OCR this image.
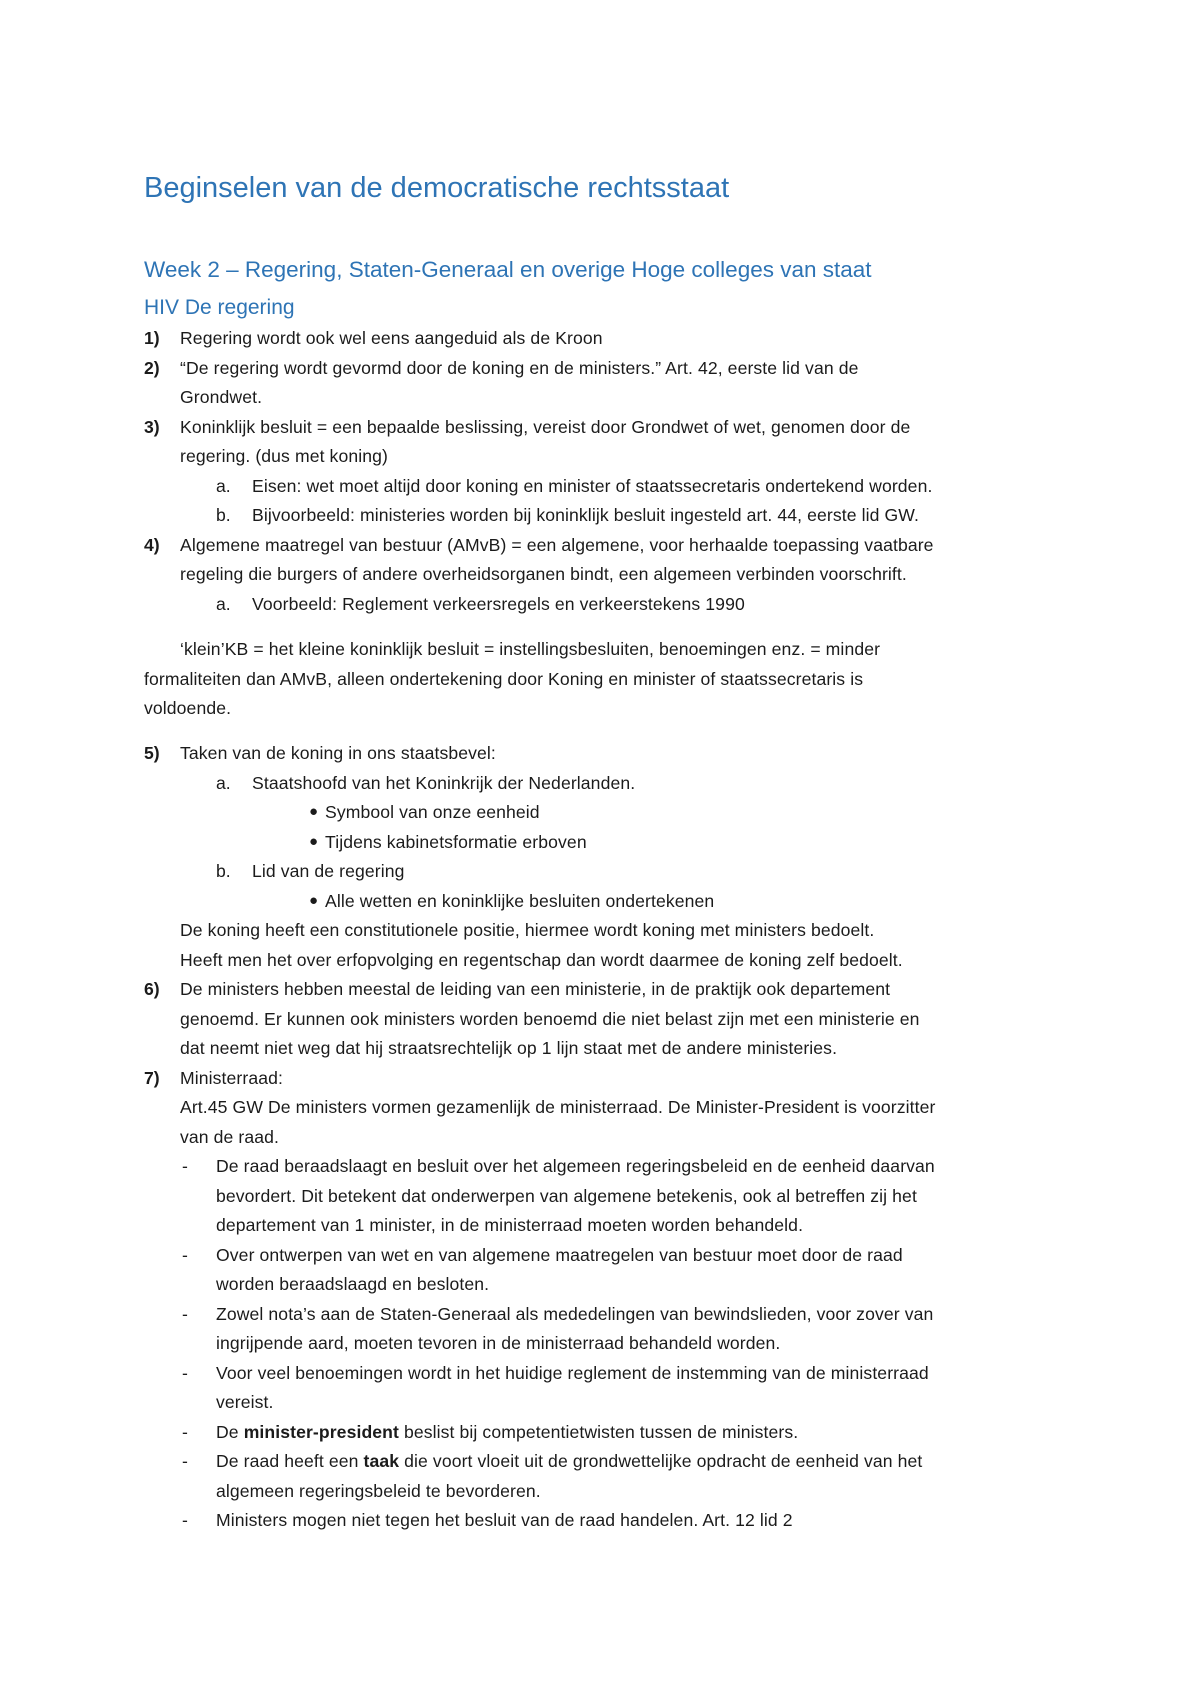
Beginselen van de democratische rechtsstaat
Week 2 – Regering, Staten-Generaal en overige Hoge colleges van staat
HIV De regering
1) Regering wordt ook wel eens aangeduid als de Kroon
2) “De regering wordt gevormd door de koning en de ministers.” Art. 42, eerste lid van de
Grondwet.
3) Koninklijk besluit = een bepaalde beslissing, vereist door Grondwet of wet, genomen door de
regering. (dus met koning)
a. Eisen: wet moet altijd door koning en minister of staatssecretaris ondertekend worden.
b. Bijvoorbeeld: ministeries worden bij koninklijk besluit ingesteld art. 44, eerste lid GW.
4) Algemene maatregel van bestuur (AMvB) = een algemene, voor herhaalde toepassing vaatbare
regeling die burgers of andere overheidsorganen bindt, een algemeen verbinden voorschrift.
a. Voorbeeld: Reglement verkeersregels en verkeerstekens 1990
‘klein’KB = het kleine koninklijk besluit = instellingsbesluiten, benoemingen enz. = minder
formaliteiten dan AMvB, alleen ondertekening door Koning en minister of staatssecretaris is
voldoende.
5) Taken van de koning in ons staatsbevel:
a. Staatshoofd van het Koninkrijk der Nederlanden.
● Symbool van onze eenheid
● Tijdens kabinetsformatie erboven
b. Lid van de regering
● Alle wetten en koninklijke besluiten ondertekenen
De koning heeft een constitutionele positie, hiermee wordt koning met ministers bedoelt.
Heeft men het over erfopvolging en regentschap dan wordt daarmee de koning zelf bedoelt.
6) De ministers hebben meestal de leiding van een ministerie, in de praktijk ook departement
genoemd. Er kunnen ook ministers worden benoemd die niet belast zijn met een ministerie en
dat neemt niet weg dat hij straatsrechtelijk op 1 lijn staat met de andere ministeries.
7) Ministerraad:
Art.45 GW De ministers vormen gezamenlijk de ministerraad. De Minister-President is voorzitter
van de raad.
- De raad beraadslaagt en besluit over het algemeen regeringsbeleid en de eenheid daarvan
bevordert. Dit betekent dat onderwerpen van algemene betekenis, ook al betreffen zij het
departement van 1 minister, in de ministerraad moeten worden behandeld.
- Over ontwerpen van wet en van algemene maatregelen van bestuur moet door de raad
worden beraadslaagd en besloten.
- Zowel nota’s aan de Staten-Generaal als mededelingen van bewindslieden, voor zover van
ingrijpende aard, moeten tevoren in de ministerraad behandeld worden.
- Voor veel benoemingen wordt in het huidige reglement de instemming van de ministerraad
vereist.
- De minister-president beslist bij competentietwisten tussen de ministers.
- De raad heeft een taak die voort vloeit uit de grondwettelijke opdracht de eenheid van het
algemeen regeringsbeleid te bevorderen.
- Ministers mogen niet tegen het besluit van de raad handelen. Art. 12 lid 2
